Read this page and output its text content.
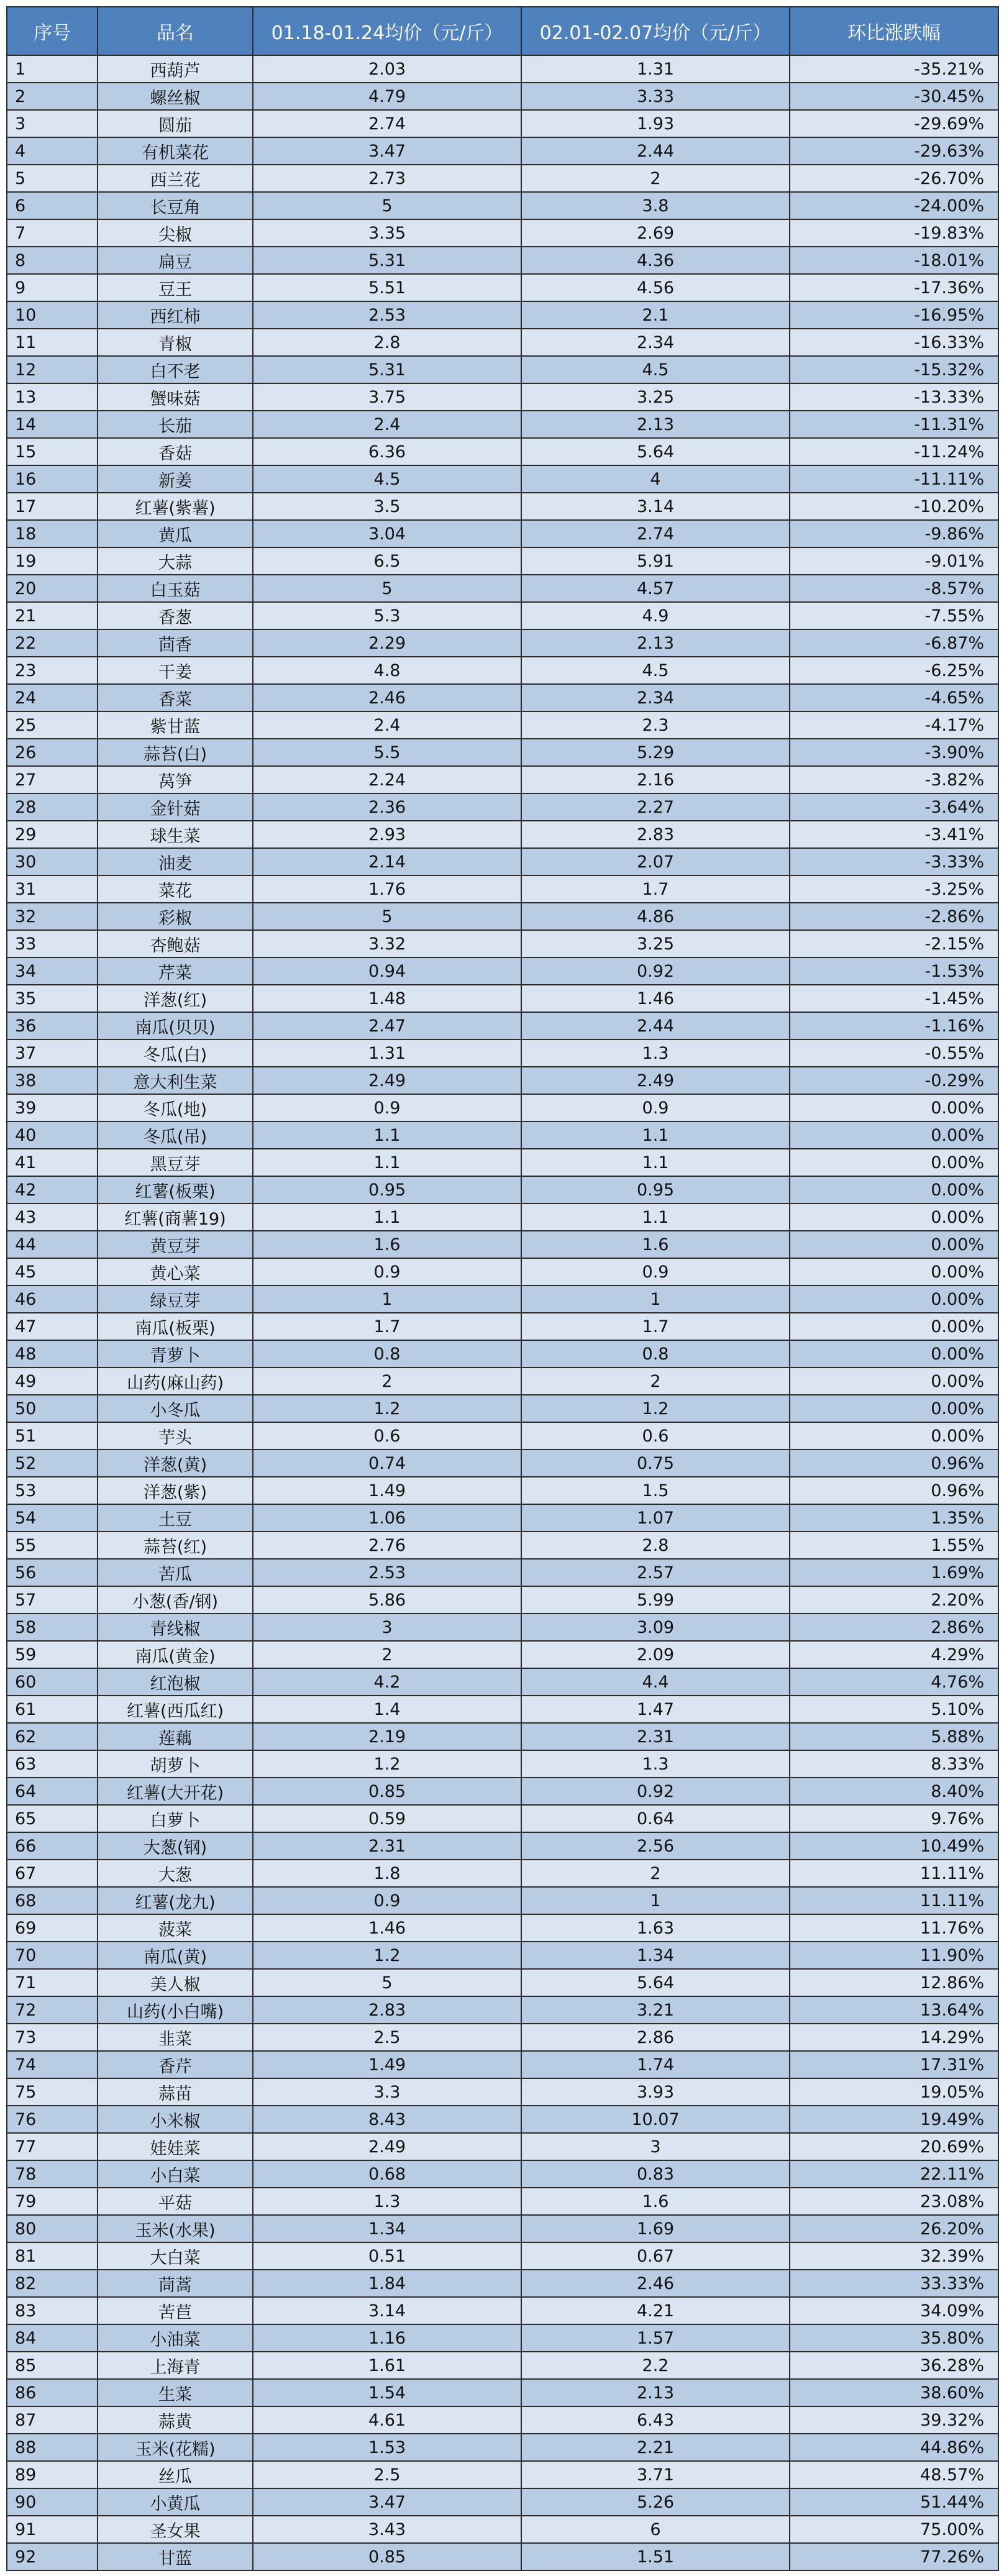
序号	品名	01.18-01.24均价（元/斤）	02.01-02.07均价（元/斤）	环比涨跌幅
1	西葫芦	2.03	1.31	-35.21%
2	螺丝椒	4.79	3.33	-30.45%
3	圆茄	2.74	1.93	-29.69%
4	有机菜花	3.47	2.44	-29.63%
5	西兰花	2.73	2	-26.70%
6	长豆角	5	3.8	-24.00%
7	尖椒	3.35	2.69	-19.83%
8	扁豆	5.31	4.36	-18.01%
9	豆王	5.51	4.56	-17.36%
10	西红柿	2.53	2.1	-16.95%
11	青椒	2.8	2.34	-16.33%
12	白不老	5.31	4.5	-15.32%
13	蟹味菇	3.75	3.25	-13.33%
14	长茄	2.4	2.13	-11.31%
15	香菇	6.36	5.64	-11.24%
16	新姜	4.5	4	-11.11%
17	红薯(紫薯)	3.5	3.14	-10.20%
18	黄瓜	3.04	2.74	-9.86%
19	大蒜	6.5	5.91	-9.01%
20	白玉菇	5	4.57	-8.57%
21	香葱	5.3	4.9	-7.55%
22	茴香	2.29	2.13	-6.87%
23	干姜	4.8	4.5	-6.25%
24	香菜	2.46	2.34	-4.65%
25	紫甘蓝	2.4	2.3	-4.17%
26	蒜苔(白)	5.5	5.29	-3.90%
27	莴笋	2.24	2.16	-3.82%
28	金针菇	2.36	2.27	-3.64%
29	球生菜	2.93	2.83	-3.41%
30	油麦	2.14	2.07	-3.33%
31	菜花	1.76	1.7	-3.25%
32	彩椒	5	4.86	-2.86%
33	杏鲍菇	3.32	3.25	-2.15%
34	芹菜	0.94	0.92	-1.53%
35	洋葱(红)	1.48	1.46	-1.45%
36	南瓜(贝贝)	2.47	2.44	-1.16%
37	冬瓜(白)	1.31	1.3	-0.55%
38	意大利生菜	2.49	2.49	-0.29%
39	冬瓜(地)	0.9	0.9	0.00%
40	冬瓜(吊)	1.1	1.1	0.00%
41	黑豆芽	1.1	1.1	0.00%
42	红薯(板栗)	0.95	0.95	0.00%
43	红薯(商薯19)	1.1	1.1	0.00%
44	黄豆芽	1.6	1.6	0.00%
45	黄心菜	0.9	0.9	0.00%
46	绿豆芽	1	1	0.00%
47	南瓜(板栗)	1.7	1.7	0.00%
48	青萝卜	0.8	0.8	0.00%
49	山药(麻山药)	2	2	0.00%
50	小冬瓜	1.2	1.2	0.00%
51	芋头	0.6	0.6	0.00%
52	洋葱(黄)	0.74	0.75	0.96%
53	洋葱(紫)	1.49	1.5	0.96%
54	土豆	1.06	1.07	1.35%
55	蒜苔(红)	2.76	2.8	1.55%
56	苦瓜	2.53	2.57	1.69%
57	小葱(香/钢)	5.86	5.99	2.20%
58	青线椒	3	3.09	2.86%
59	南瓜(黄金)	2	2.09	4.29%
60	红泡椒	4.2	4.4	4.76%
61	红薯(西瓜红)	1.4	1.47	5.10%
62	莲藕	2.19	2.31	5.88%
63	胡萝卜	1.2	1.3	8.33%
64	红薯(大开花)	0.85	0.92	8.40%
65	白萝卜	0.59	0.64	9.76%
66	大葱(钢)	2.31	2.56	10.49%
67	大葱	1.8	2	11.11%
68	红薯(龙九)	0.9	1	11.11%
69	菠菜	1.46	1.63	11.76%
70	南瓜(黄)	1.2	1.34	11.90%
71	美人椒	5	5.64	12.86%
72	山药(小白嘴)	2.83	3.21	13.64%
73	韭菜	2.5	2.86	14.29%
74	香芹	1.49	1.74	17.31%
75	蒜苗	3.3	3.93	19.05%
76	小米椒	8.43	10.07	19.49%
77	娃娃菜	2.49	3	20.69%
78	小白菜	0.68	0.83	22.11%
79	平菇	1.3	1.6	23.08%
80	玉米(水果)	1.34	1.69	26.20%
81	大白菜	0.51	0.67	32.39%
82	茼蒿	1.84	2.46	33.33%
83	苦苣	3.14	4.21	34.09%
84	小油菜	1.16	1.57	35.80%
85	上海青	1.61	2.2	36.28%
86	生菜	1.54	2.13	38.60%
87	蒜黄	4.61	6.43	39.32%
88	玉米(花糯)	1.53	2.21	44.86%
89	丝瓜	2.5	3.71	48.57%
90	小黄瓜	3.47	5.26	51.44%
91	圣女果	3.43	6	75.00%
92	甘蓝	0.85	1.51	77.26%
